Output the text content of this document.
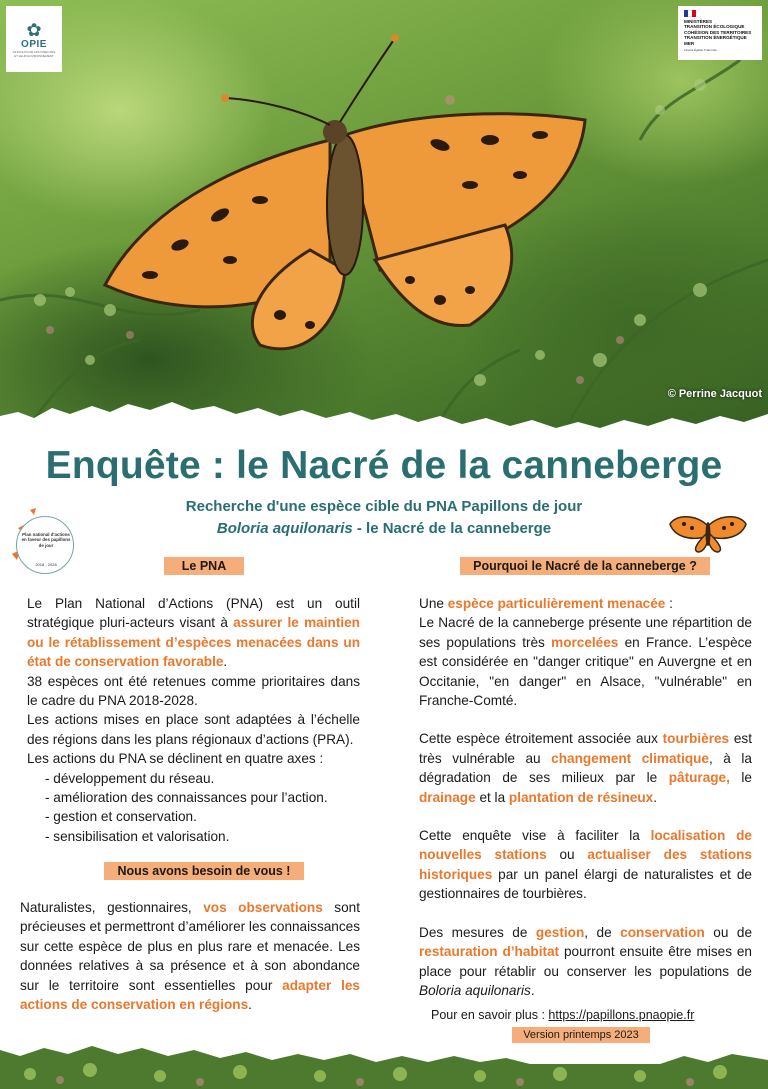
✿
OPIE
OFFICE POUR LES INSECTES ET LEUR ENVIRONNEMENT
MINISTÈRES
TRANSITION ÉCOLOGIQUE
COHÉSION DES TERRITOIRES
TRANSITION ÉNERGÉTIQUE
MER
Liberté Égalité Fraternité
© Perrine Jacquot
Enquête : le Nacré de la canneberge
Recherche d'une espèce cible du PNA Papillons de jour
Boloria aquilonaris - le Nacré de la canneberge
Plan national d'actions en faveur des papillons de jour
2018 - 2028	Le PNA	Pourquoi le Nacré de la canneberge ?
Nous avons besoin de vous !

Le Plan National d’Actions (PNA) est un outil stratégique pluri-acteurs visant à assurer le maintien ou le rétablissement d’espèces menacées dans un état de conservation favorable.

38 espèces ont été retenues comme prioritaires dans le cadre du PNA 2018-2028.

Les actions mises en place sont adaptées à l’échelle des régions dans les plans régionaux d’actions (PRA).

Les actions du PNA se déclinent en quatre axes :

- développement du réseau.

- amélioration des connaissances pour l’action.

- gestion et conservation.

- sensibilisation et valorisation.

Naturalistes, gestionnaires, vos observations sont précieuses et permettront d’améliorer les connaissances sur cette espèce de plus en plus rare et menacée. Les données relatives à sa présence et à son abondance sur le territoire sont essentielles pour adapter les actions de conservation en régions.

Une espèce particulièrement menacée :

Le Nacré de la canneberge présente une répartition de ses populations très morcelées en France. L’espèce est considérée en "danger critique" en Auvergne et en Occitanie, "en danger" en Alsace, "vulnérable" en Franche-Comté.

Cette espèce étroitement associée aux tourbières est très vulnérable au changement climatique, à la dégradation de ses milieux par le pâturage, le drainage et la plantation de résineux.

Cette enquête vise à faciliter la localisation de nouvelles stations ou actualiser des stations historiques par un panel élargi de naturalistes et de gestionnaires de tourbières.

Des mesures de gestion, de conservation ou de restauration d’habitat pourront ensuite être mises en place pour rétablir ou conserver les populations de Boloria aquilonaris.

Pour en savoir plus : https://papillons.pnaopie.fr
Version printemps 2023
